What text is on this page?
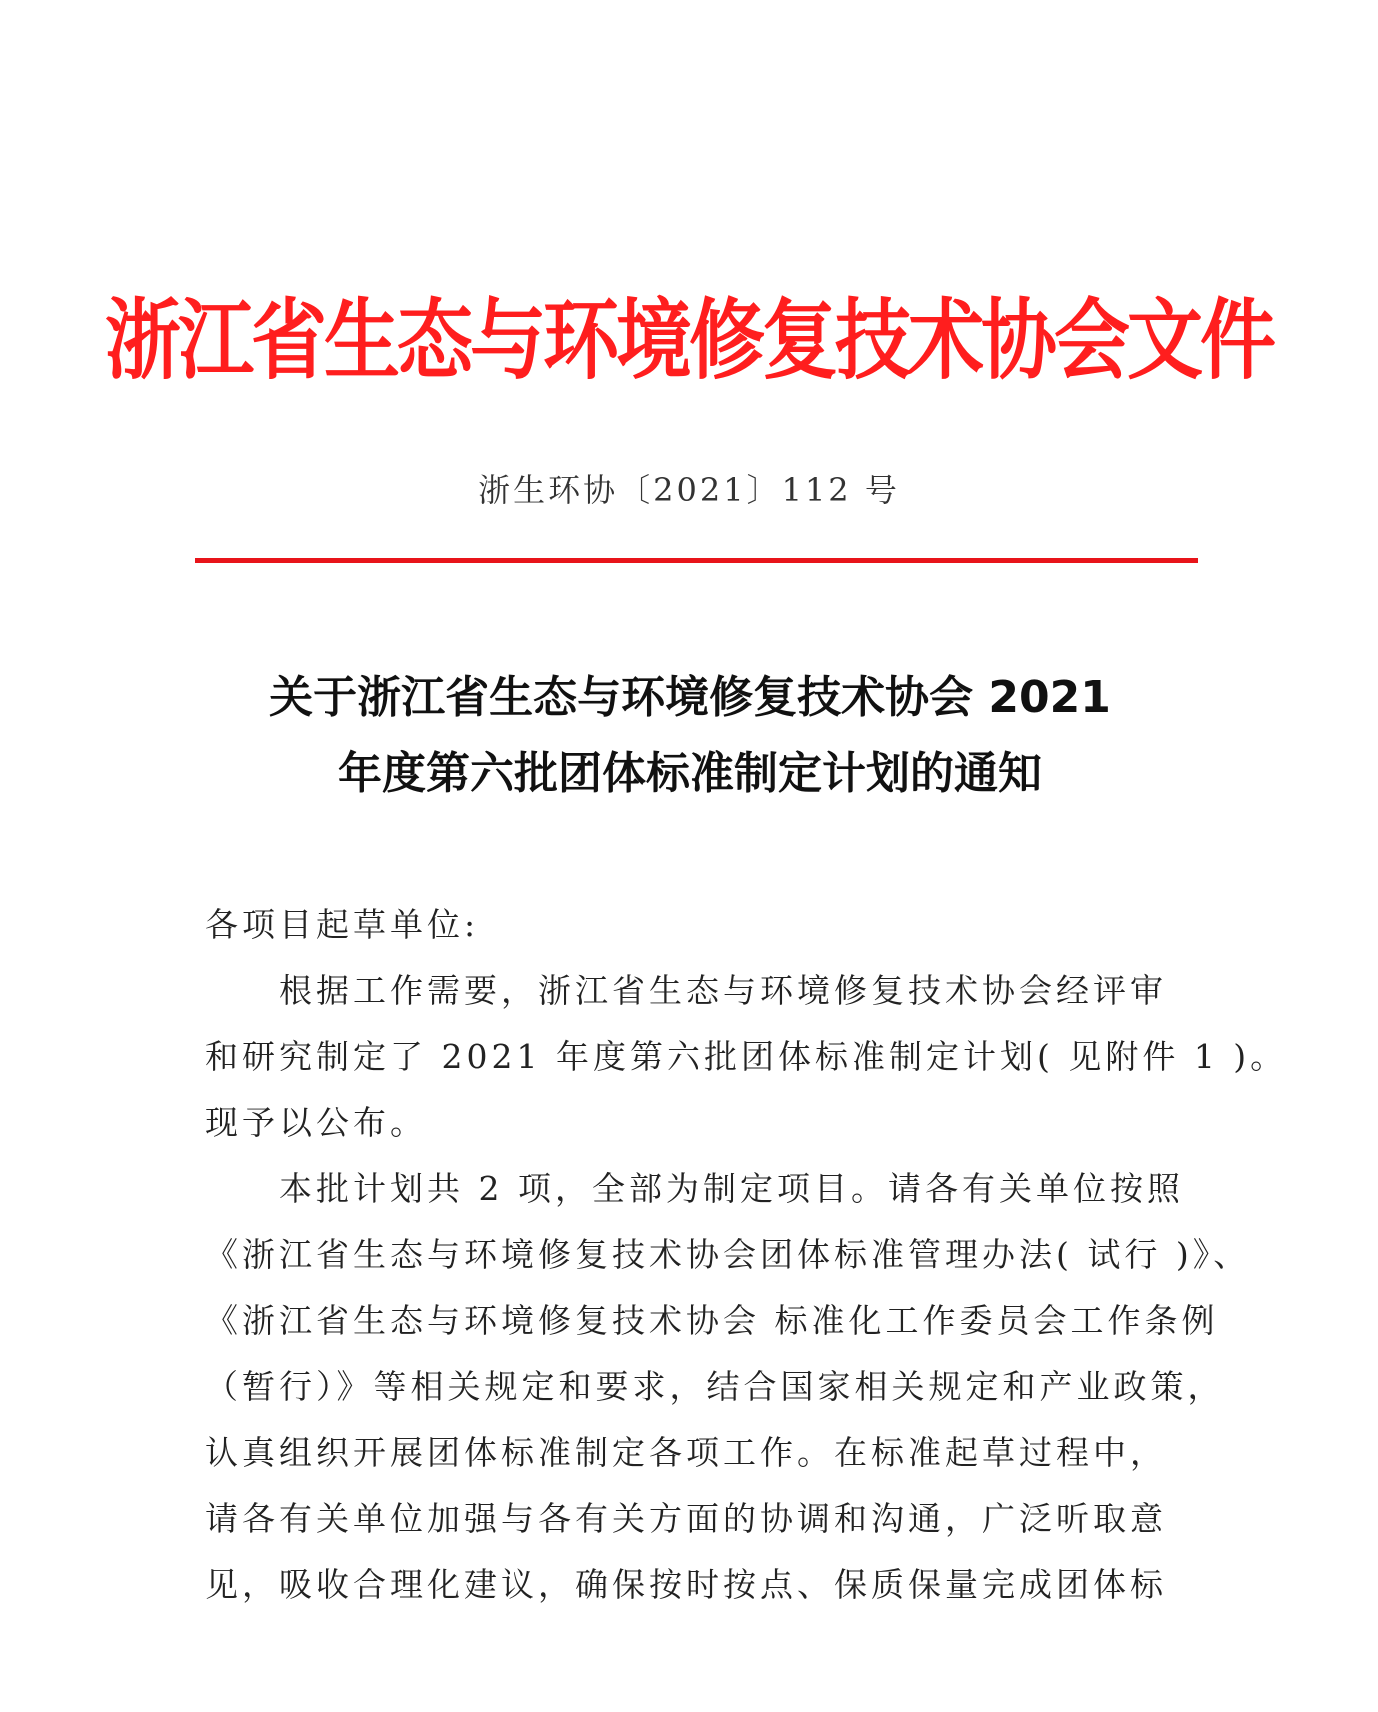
浙江省生态与环境修复技术协会文件
浙生环协〔2021〕112 号
关于浙江省生态与环境修复技术协会 2021
年度第六批团体标准制定计划的通知

各项目起草单位:

根据工作需要，浙江省生态与环境修复技术协会经评审

和研究制定了 2021 年度第六批团体标准制定计划( 见附件 1 )。
现予以公布。

本批计划共 2 项，全部为制定项目。请各有关单位按照

《浙江省生态与环境修复技术协会团体标准管理办法( 试行 )》、
《浙江省生态与环境修复技术协会 标准化工作委员会工作条例
（暂行）》等相关规定和要求，结合国家相关规定和产业政策，
认真组织开展团体标准制定各项工作。在标准起草过程中，
请各有关单位加强与各有关方面的协调和沟通，广泛听取意
见，吸收合理化建议，确保按时按点、保质保量完成团体标
